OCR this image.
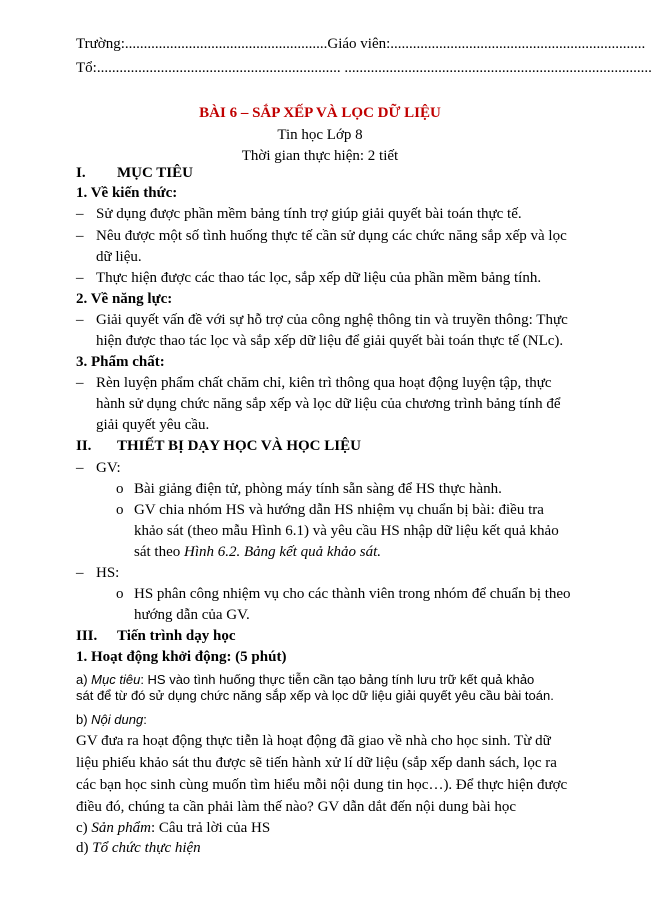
Trường:......................................................Giáo viên:....................................................................
Tổ:................................................................. ..................................................................................
BÀI 6 – SẮP XẾP VÀ LỌC DỮ LIỆU
Tin học Lớp 8
Thời gian thực hiện: 2 tiết
I. MỤC TIÊU
1. Về kiến thức:
– Sử dụng được phần mềm bảng tính trợ giúp giải quyết bài toán thực tế.
– Nêu được một số tình huống thực tế cần sử dụng các chức năng sắp xếp và lọc
dữ liệu.
– Thực hiện được các thao tác lọc, sắp xếp dữ liệu của phần mềm bảng tính.
2. Về năng lực:
– Giải quyết vấn đề với sự hỗ trợ của công nghệ thông tin và truyền thông: Thực
hiện được thao tác lọc và sắp xếp dữ liệu để giải quyết bài toán thực tế (NLc).
3. Phẩm chất:
– Rèn luyện phẩm chất chăm chỉ, kiên trì thông qua hoạt động luyện tập, thực
hành sử dụng chức năng sắp xếp và lọc dữ liệu của chương trình bảng tính để
giải quyết yêu cầu.
II. THIẾT BỊ DẠY HỌC VÀ HỌC LIỆU
– GV:
o Bài giảng điện tử, phòng máy tính sẵn sàng để HS thực hành.
o GV chia nhóm HS và hướng dẫn HS nhiệm vụ chuẩn bị bài: điều tra
khảo sát (theo mẫu Hình 6.1) và yêu cầu HS nhập dữ liệu kết quả khảo
sát theo Hình 6.2. Bảng kết quả khảo sát.
– HS:
o HS phân công nhiệm vụ cho các thành viên trong nhóm để chuẩn bị theo
hướng dẫn của GV.
III. Tiến trình dạy học
1. Hoạt động khởi động: (5 phút)
a) Mục tiêu: HS vào tình huống thực tiễn cần tạo bảng tính lưu trữ kết quả khảo
sát để từ đó sử dụng chức năng sắp xếp và lọc dữ liệu giải quyết yêu cầu bài toán.
b) Nội dung:
GV đưa ra hoạt động thực tiễn là hoạt động đã giao về nhà cho học sinh. Từ dữ
liệu phiếu khảo sát thu được sẽ tiến hành xử lí dữ liệu (sắp xếp danh sách, lọc ra
các bạn học sinh cùng muốn tìm hiểu mỗi nội dung tin học…). Để thực hiện được
điều đó, chúng ta cần phải làm thế nào? GV dẫn dắt đến nội dung bài học
c) Sản phẩm: Câu trả lời của HS
d) Tổ chức thực hiện
